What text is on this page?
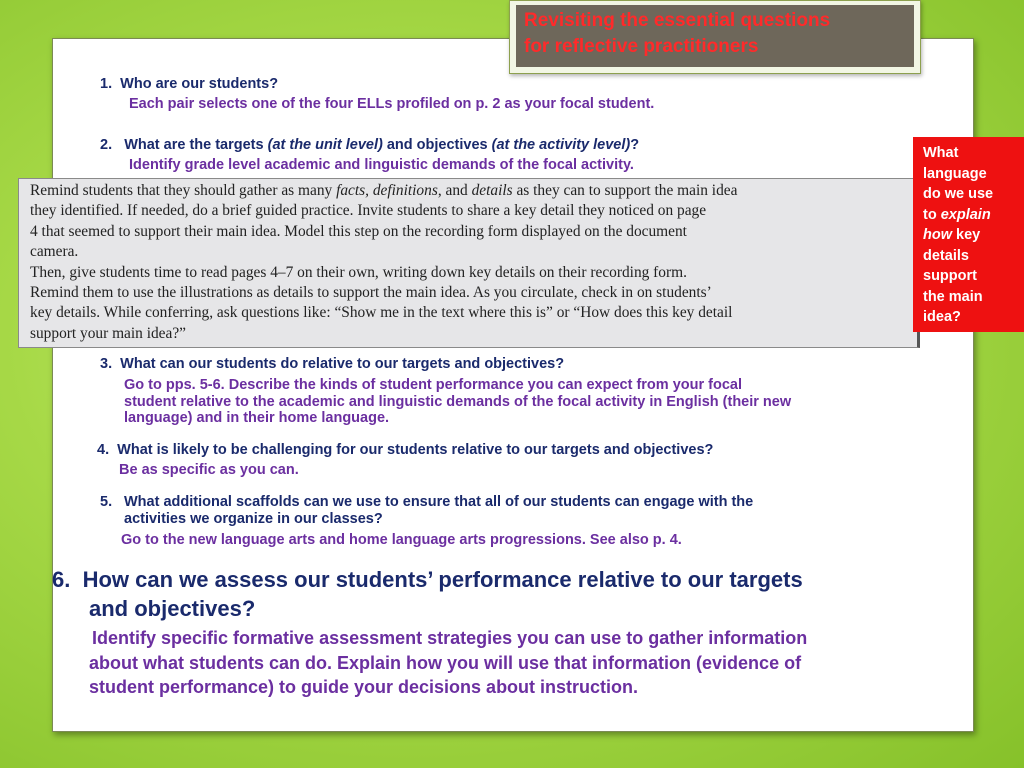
Revisiting the essential questions
for reflective practitioners
1. Who are our students?
Each pair selects one of the four ELLs profiled on p. 2 as your focal student.
2. What are the targets (at the unit level) and objectives (at the activity level)?
Identify grade level academic and linguistic demands of the focal activity.
Remind students that they should gather as many facts, definitions, and details as they can to support the main idea
they identified. If needed, do a brief guided practice. Invite students to share a key detail they noticed on page
4 that seemed to support their main idea. Model this step on the recording form displayed on the document
camera.
Then, give students time to read pages 4–7 on their own, writing down key details on their recording form.
Remind them to use the illustrations as details to support the main idea. As you circulate, check in on students’
key details. While conferring, ask questions like: “Show me in the text where this is” or “How does this key detail
support your main idea?”
What
language
do we use
to explain
how key
details
support
the main
idea?
3. What can our students do relative to our targets and objectives?
Go to pps. 5-6. Describe the kinds of student performance you can expect from your focal
student relative to the academic and linguistic demands of the focal activity in English (their new
language) and in their home language.
4. What is likely to be challenging for our students relative to our targets and objectives?
Be as specific as you can.
5. What additional scaffolds can we use to ensure that all of our students can engage with the
activities we organize in our classes?
Go to the new language arts and home language arts progressions. See also p. 4.
6. How can we assess our students’ performance relative to our targets
and objectives?
Identify specific formative assessment strategies you can use to gather information
about what students can do. Explain how you will use that information (evidence of
student performance) to guide your decisions about instruction.
